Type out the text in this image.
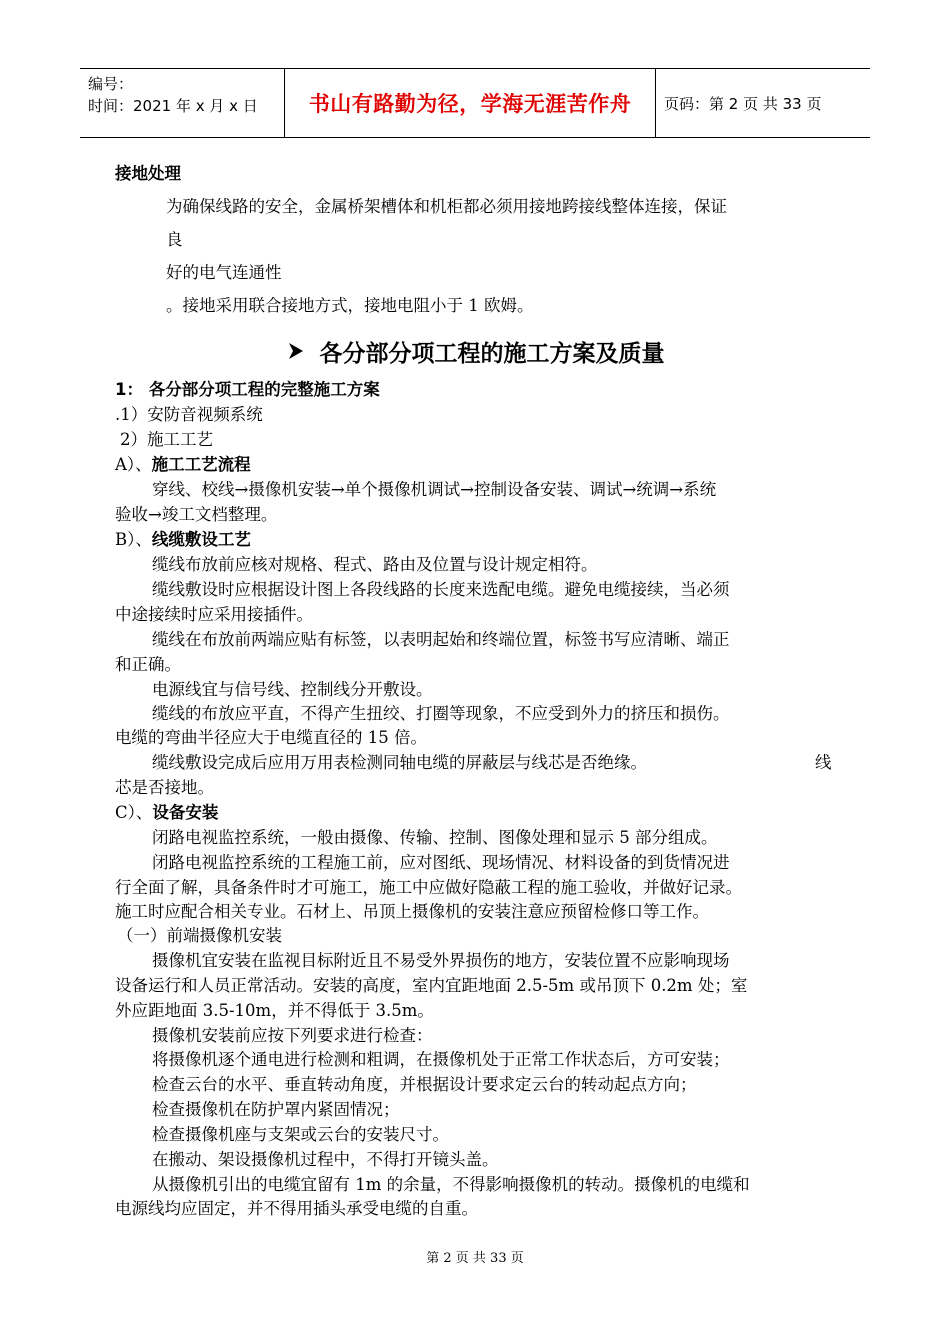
编号：
时间：2021 年 x 月 x 日	书山有路勤为径，学海无涯苦作舟	页码：第 2 页 共 33 页
接地处理
为确保线路的安全，金属桥架槽体和机柜都必须用接地跨接线整体连接，保证
良
好的电气连通性
。接地采用联合接地方式，接地电阻小于 1 欧姆。
各分部分项工程的施工方案及质量
1： 各分部分项工程的完整施工方案
.1）安防音视频系统
2）施工工艺
A）、施工工艺流程
穿线、校线→摄像机安装→单个摄像机调试→控制设备安装、调试→统调→系统
验收→竣工文档整理。
B）、线缆敷设工艺
缆线布放前应核对规格、程式、路由及位置与设计规定相符。
缆线敷设时应根据设计图上各段线路的长度来选配电缆。避免电缆接续，当必须
中途接续时应采用接插件。
缆线在布放前两端应贴有标签，以表明起始和终端位置，标签书写应清晰、端正
和正确。
电源线宜与信号线、控制线分开敷设。
缆线的布放应平直，不得产生扭绞、打圈等现象，不应受到外力的挤压和损伤。
电缆的弯曲半径应大于电缆直径的 15 倍。
缆线敷设完成后应用万用表检测同轴电缆的屏蔽层与线芯是否绝缘。	线
芯是否接地。
C）、设备安装
闭路电视监控系统，一般由摄像、传输、控制、图像处理和显示 5 部分组成。
闭路电视监控系统的工程施工前，应对图纸、现场情况、材料设备的到货情况进
行全面了解，具备条件时才可施工，施工中应做好隐蔽工程的施工验收，并做好记录。
施工时应配合相关专业。石材上、吊顶上摄像机的安装注意应预留检修口等工作。
（一）前端摄像机安装
摄像机宜安装在监视目标附近且不易受外界损伤的地方，安装位置不应影响现场
设备运行和人员正常活动。安装的高度，室内宜距地面 2.5-5m 或吊顶下 0.2m 处；室
外应距地面 3.5-10m，并不得低于 3.5m。
摄像机安装前应按下列要求进行检查：
将摄像机逐个通电进行检测和粗调，在摄像机处于正常工作状态后，方可安装；
检查云台的水平、垂直转动角度，并根据设计要求定云台的转动起点方向；
检查摄像机在防护罩内紧固情况；
检查摄像机座与支架或云台的安装尺寸。
在搬动、架设摄像机过程中，不得打开镜头盖。
从摄像机引出的电缆宜留有 1m 的余量，不得影响摄像机的转动。摄像机的电缆和
电源线均应固定，并不得用插头承受电缆的自重。
第 2 页 共 33 页
